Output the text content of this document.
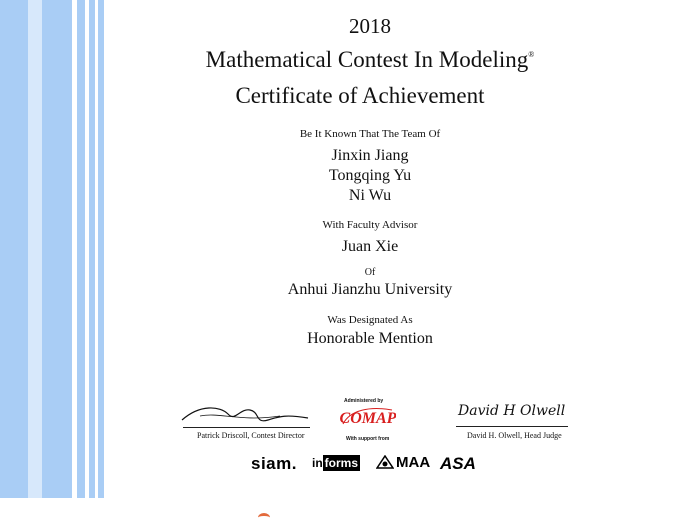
2018
Mathematical Contest In Modeling®
Certificate of Achievement
Be It Known That The Team Of
Jinxin Jiang
Tongqing Yu
Ni Wu
With Faculty Advisor
Juan Xie
Of
Anhui Jianzhu University
Was Designated As
Honorable Mention
Patrick Driscoll, Contest Director
Administered by
COMAP
With support from
David H Olwell
David H. Olwell, Head Judge
siam. in forms	MAA ASA
